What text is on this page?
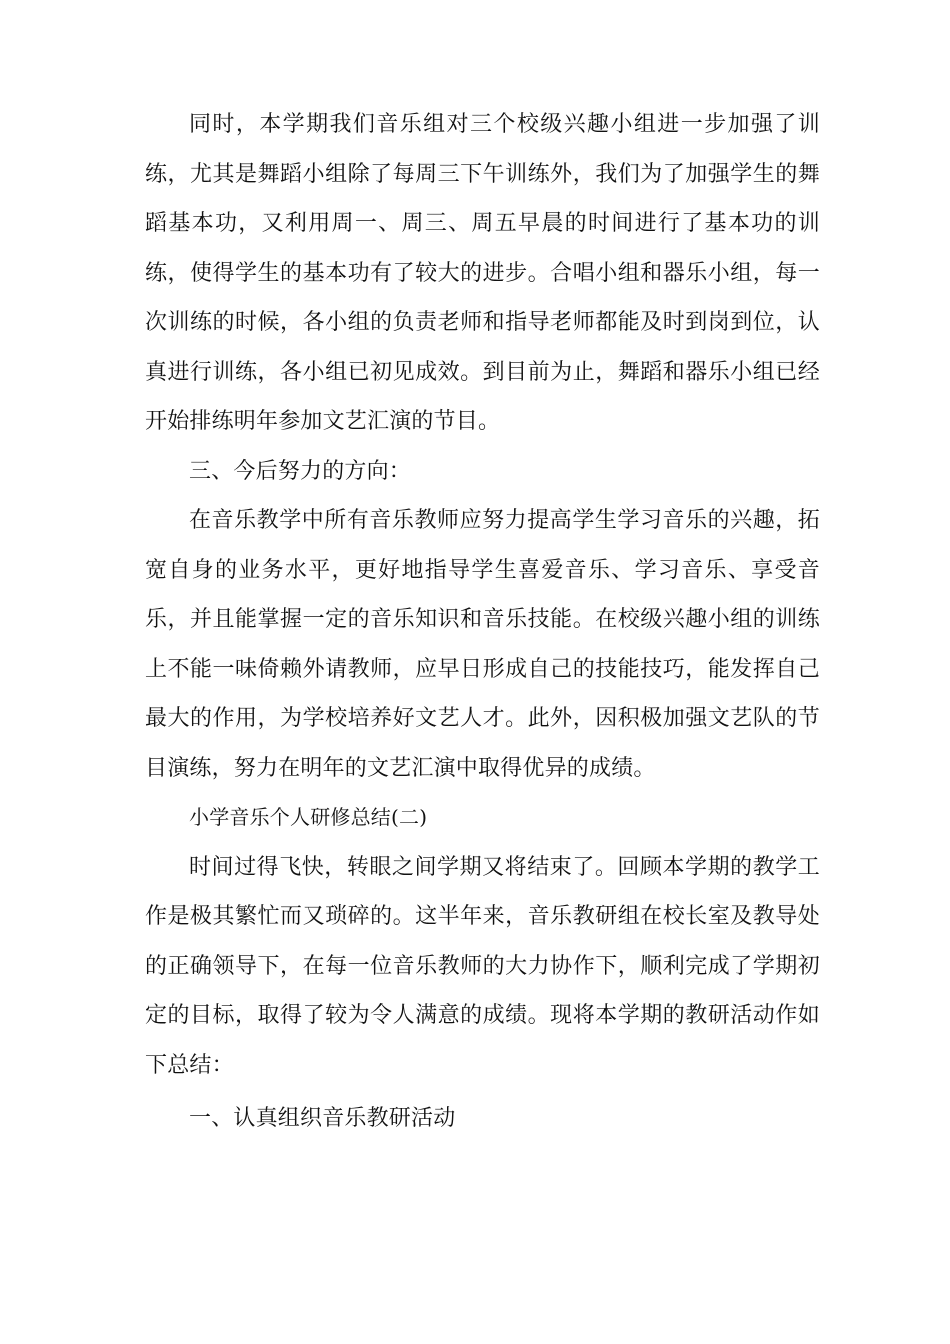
同时，本学期我们音乐组对三个校级兴趣小组进一步加强了训练，尤其是舞蹈小组除了每周三下午训练外，我们为了加强学生的舞蹈基本功，又利用周一、周三、周五早晨的时间进行了基本功的训练，使得学生的基本功有了较大的进步。合唱小组和器乐小组，每一次训练的时候，各小组的负责老师和指导老师都能及时到岗到位，认真进行训练，各小组已初见成效。到目前为止，舞蹈和器乐小组已经开始排练明年参加文艺汇演的节目。

三、今后努力的方向：

在音乐教学中所有音乐教师应努力提高学生学习音乐的兴趣，拓宽自身的业务水平，更好地指导学生喜爱音乐、学习音乐、享受音乐，并且能掌握一定的音乐知识和音乐技能。在校级兴趣小组的训练上不能一味倚赖外请教师，应早日形成自己的技能技巧，能发挥自己最大的作用，为学校培养好文艺人才。此外，因积极加强文艺队的节目演练，努力在明年的文艺汇演中取得优异的成绩。

小学音乐个人研修总结(二)

时间过得飞快，转眼之间学期又将结束了。回顾本学期的教学工作是极其繁忙而又琐碎的。这半年来，音乐教研组在校长室及教导处的正确领导下，在每一位音乐教师的大力协作下，顺利完成了学期初定的目标，取得了较为令人满意的成绩。现将本学期的教研活动作如下总结：

一、认真组织音乐教研活动
